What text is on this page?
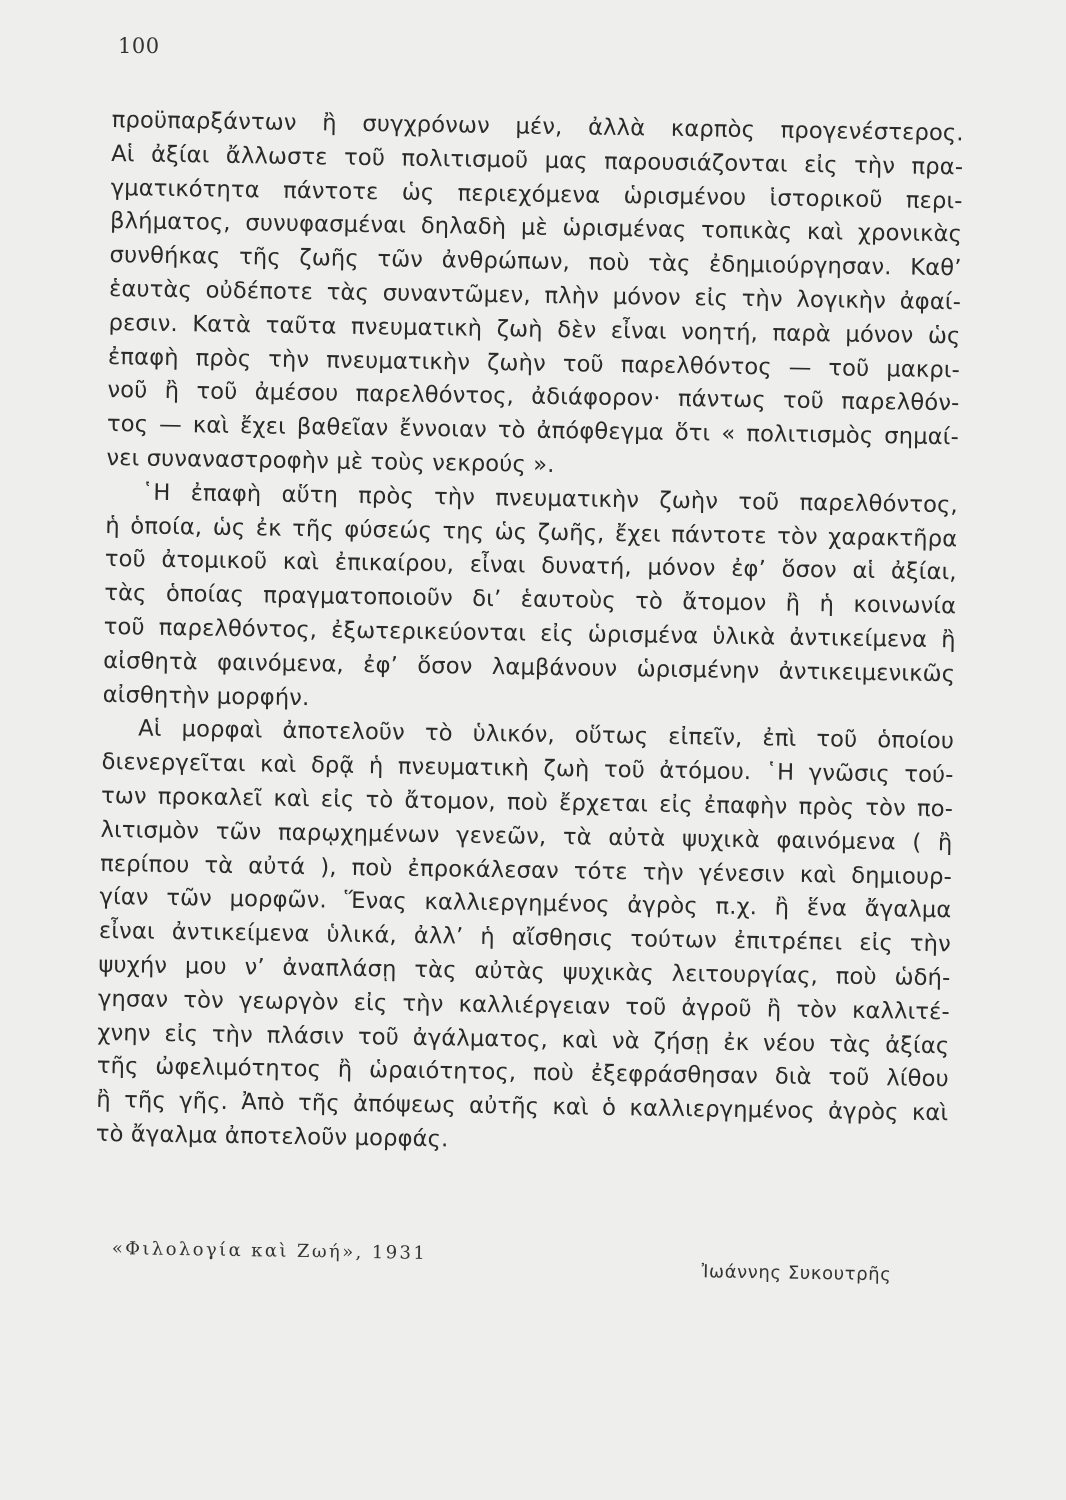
100
προϋπαρξάντων ἢ συγχρόνων μέν, ἀλλὰ καρπὸς προγενέστερος.
Αἱ ἀξίαι ἄλλωστε τοῦ πολιτισμοῦ μας παρουσιάζονται εἰς τὴν πρα-
γματικότητα πάντοτε ὡς περιεχόμενα ὡρισμένου ἱστορικοῦ περι-
βλήματος, συνυφασμέναι δηλαδὴ μὲ ὡρισμένας τοπικὰς καὶ χρονικὰς
συνθήκας τῆς ζωῆς τῶν ἀνθρώπων, ποὺ τὰς ἐδημιούργησαν. Καθ’
ἑαυτὰς οὐδέποτε τὰς συναντῶμεν, πλὴν μόνον εἰς τὴν λογικὴν ἀφαί-
ρεσιν. Κατὰ ταῦτα πνευματικὴ ζωὴ δὲν εἶναι νοητή, παρὰ μόνον ὡς
ἐπαφὴ πρὸς τὴν πνευματικὴν ζωὴν τοῦ παρελθόντος — τοῦ μακρι-
νοῦ ἢ τοῦ ἀμέσου παρελθόντος, ἀδιάφορον· πάντως τοῦ παρελθόν-
τος — καὶ ἔχει βαθεῖαν ἔννοιαν τὸ ἀπόφθεγμα ὅτι « πολιτισμὸς σημαί-
νει συναναστροφὴν μὲ τοὺς νεκρούς ».
῾Η ἐπαφὴ αὕτη πρὸς τὴν πνευματικὴν ζωὴν τοῦ παρελθόντος,
ἡ ὁποία, ὡς ἐκ τῆς φύσεώς της ὡς ζωῆς, ἔχει πάντοτε τὸν χαρακτῆρα
τοῦ ἀτομικοῦ καὶ ἐπικαίρου, εἶναι δυνατή, μόνον ἐφ’ ὅσον αἱ ἀξίαι,
τὰς ὁποίας πραγματοποιοῦν δι’ ἑαυτοὺς τὸ ἄτομον ἢ ἡ κοινωνία
τοῦ παρελθόντος, ἐξωτερικεύονται εἰς ὡρισμένα ὑλικὰ ἀντικείμενα ἢ
αἰσθητὰ φαινόμενα, ἐφ’ ὅσον λαμβάνουν ὡρισμένην ἀντικειμενικῶς
αἰσθητὴν μορφήν.
Αἱ μορφαὶ ἀποτελοῦν τὸ ὑλικόν, οὕτως εἰπεῖν, ἐπὶ τοῦ ὁποίου
διενεργεῖται καὶ δρᾷ ἡ πνευματικὴ ζωὴ τοῦ ἀτόμου. ῾Η γνῶσις τού-
των προκαλεῖ καὶ εἰς τὸ ἄτομον, ποὺ ἔρχεται εἰς ἐπαφὴν πρὸς τὸν πο-
λιτισμὸν τῶν παρῳχημένων γενεῶν, τὰ αὐτὰ ψυχικὰ φαινόμενα ( ἢ
περίπου τὰ αὐτά ), ποὺ ἐπροκάλεσαν τότε τὴν γένεσιν καὶ δημιουρ-
γίαν τῶν μορφῶν. Ἕνας καλλιεργημένος ἀγρὸς π.χ. ἢ ἕνα ἄγαλμα
εἶναι ἀντικείμενα ὑλικά, ἀλλ’ ἡ αἴσθησις τούτων ἐπιτρέπει εἰς τὴν
ψυχήν μου ν’ ἀναπλάσῃ τὰς αὐτὰς ψυχικὰς λειτουργίας, ποὺ ὡδή-
γησαν τὸν γεωργὸν εἰς τὴν καλλιέργειαν τοῦ ἀγροῦ ἢ τὸν καλλιτέ-
χνην εἰς τὴν πλάσιν τοῦ ἀγάλματος, καὶ νὰ ζήσῃ ἐκ νέου τὰς ἀξίας
τῆς ὠφελιμότητος ἢ ὡραιότητος, ποὺ ἐξεφράσθησαν διὰ τοῦ λίθου
ἢ τῆς γῆς. Ἀπὸ τῆς ἀπόψεως αὐτῆς καὶ ὁ καλλιεργημένος ἀγρὸς καὶ
τὸ ἄγαλμα ἀποτελοῦν μορφάς.
«Φιλολογία καὶ Ζωή», 1931
Ἰωάννης Συκουτρῆς
